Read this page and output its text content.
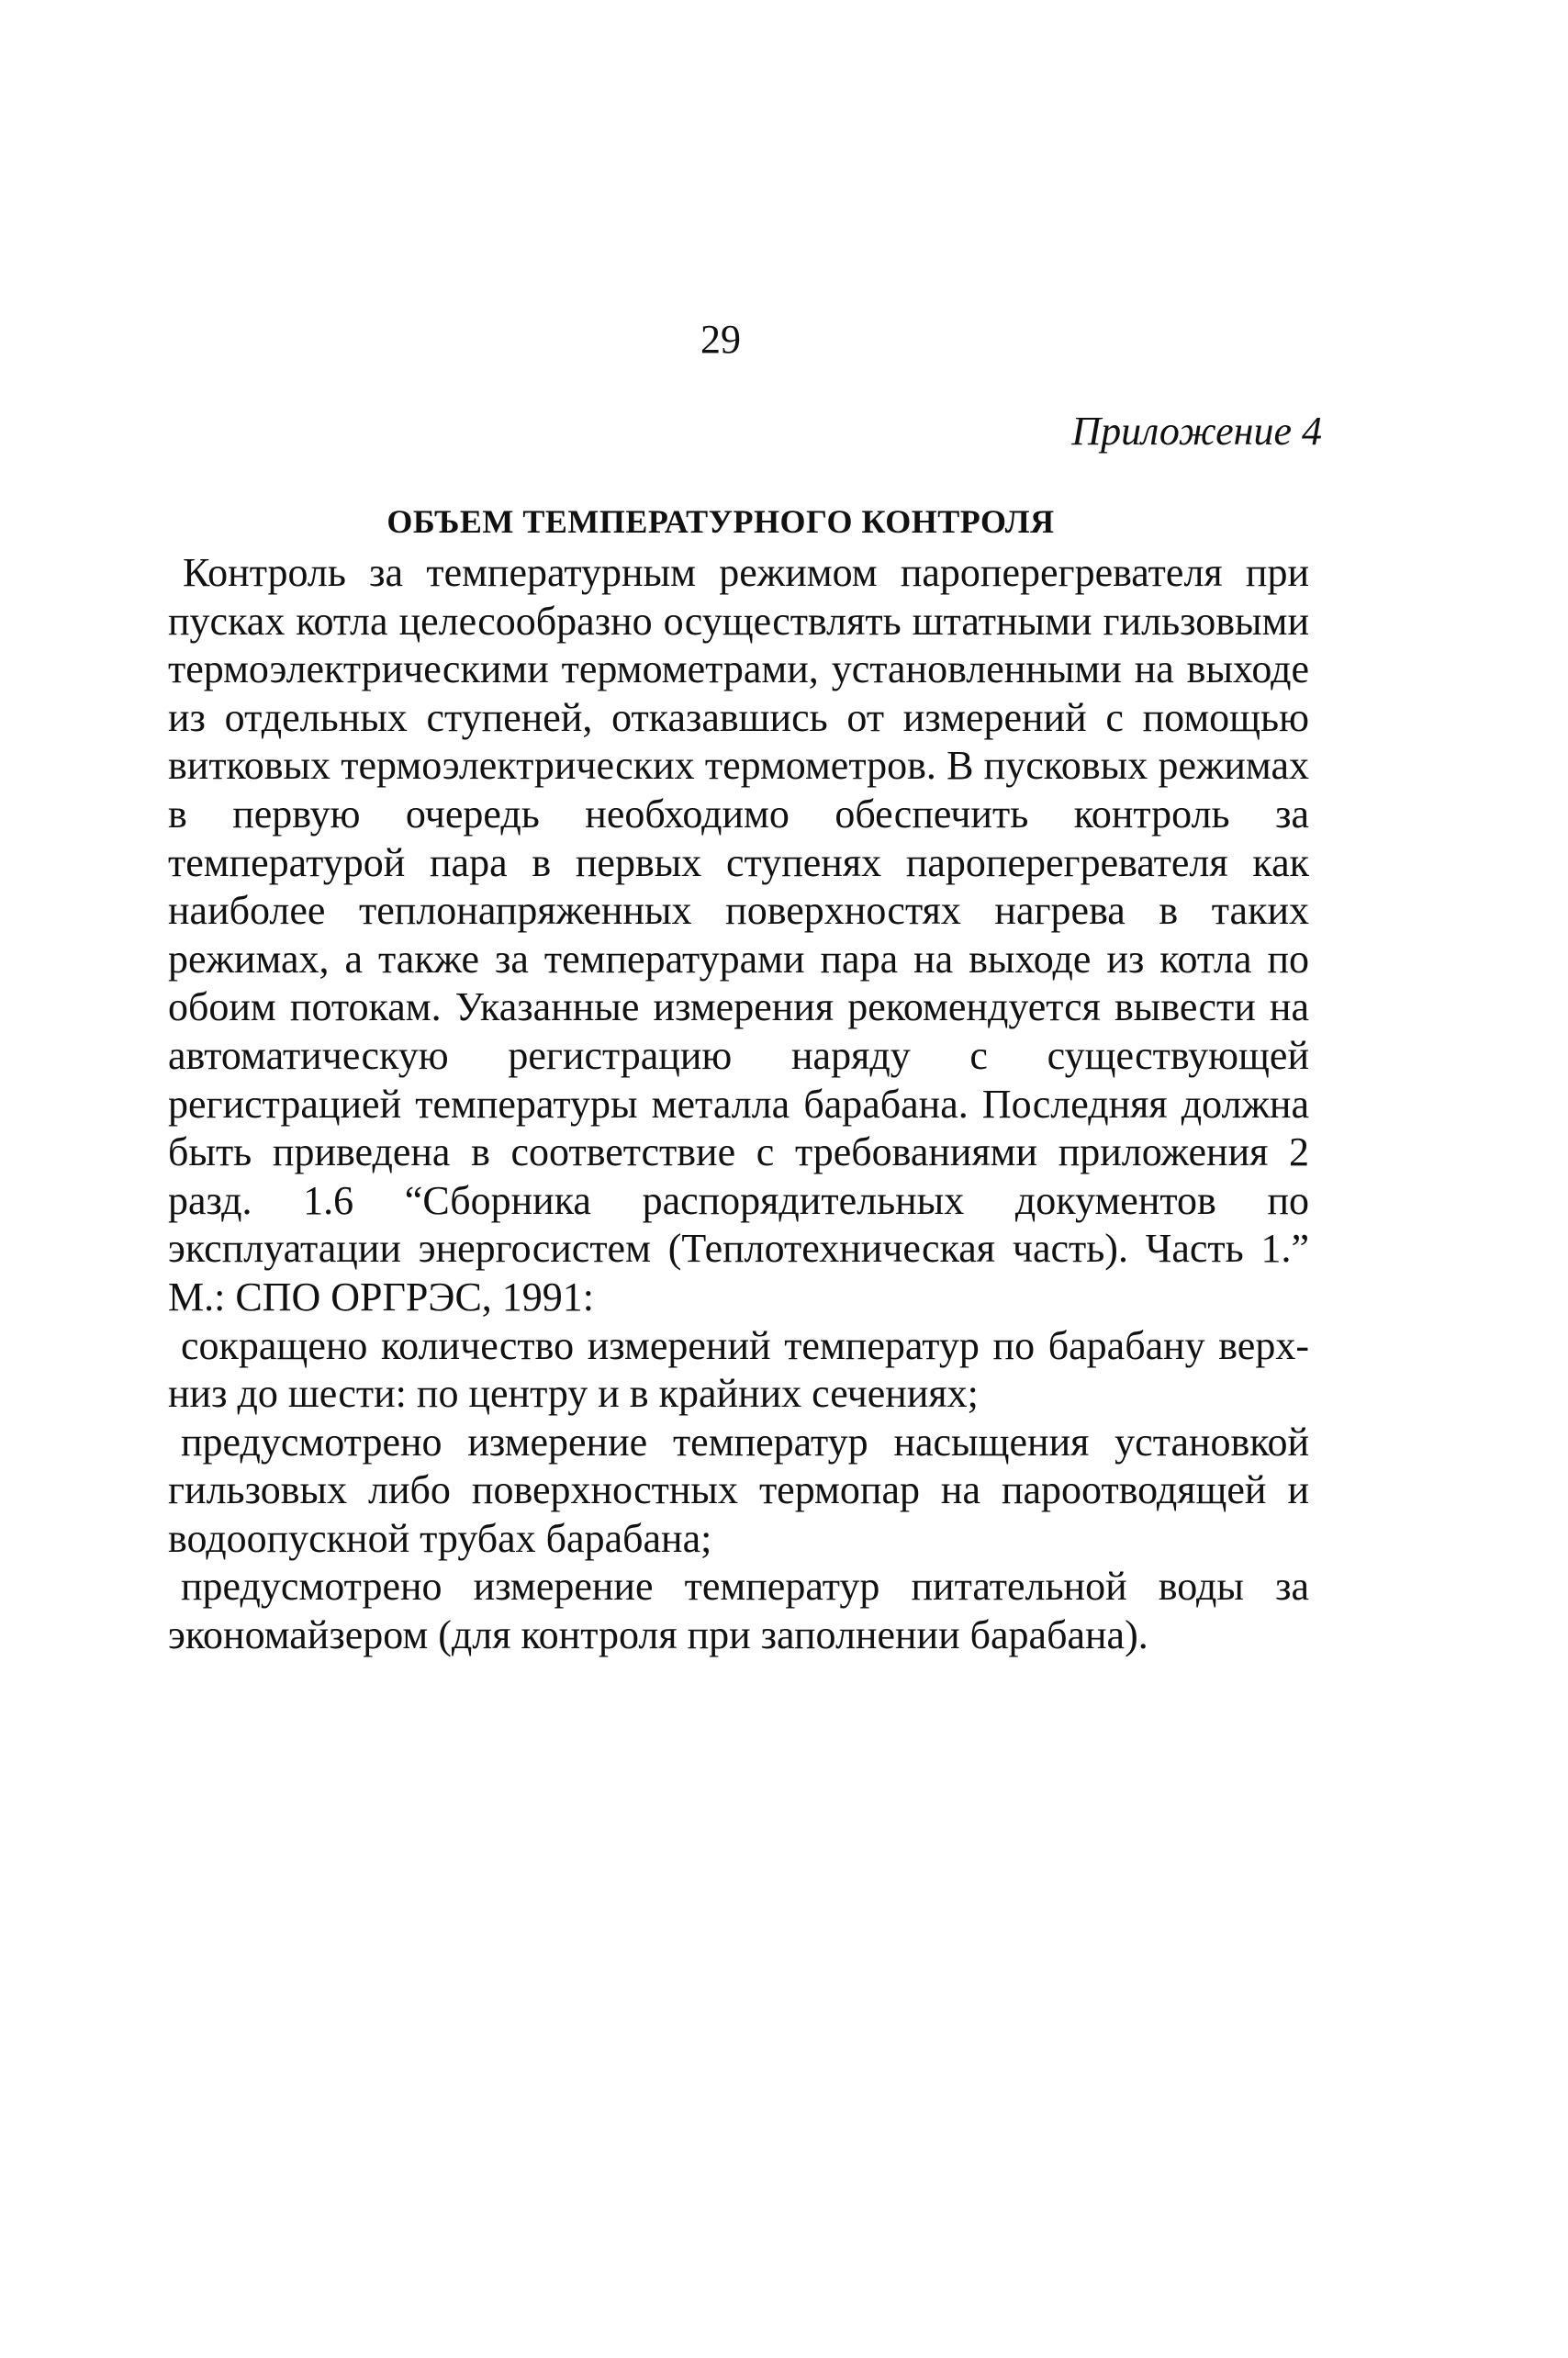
29
Приложение 4
ОБЪЕМ ТЕМПЕРАТУРНОГО КОНТРОЛЯ

Контроль за температурным режимом пароперегревателя при пусках котла целесообразно осуществлять штатными гильзовыми термоэлектрическими термометрами, установленными на выходе из отдельных ступеней, отказавшись от измерений с помощью витковых термоэлектрических термометров. В пусковых режимах в первую очередь необходимо обеспечить контроль за температурой пара в первых ступенях пароперегревателя как наиболее теплонапряженных поверхностях нагрева в таких режимах, а также за температурами пара на выходе из котла по обоим потокам. Указанные измерения рекомендуется вывести на автоматическую регистрацию наряду с существующей регистрацией температуры металла барабана. Последняя должна быть приведена в соответствие с требованиями приложения 2 разд. 1.6 “Сборника распорядительных документов по эксплуатации энергосистем (Теплотехническая часть). Часть 1.” М.: СПО ОРГРЭС, 1991:

сокращено количество измерений температур по барабану верх-низ до шести: по центру и в крайних сечениях;

предусмотрено измерение температур насыщения установкой гильзовых либо поверхностных термопар на пароотводящей и водоопускной трубах барабана;

предусмотрено измерение температур питательной воды за экономайзером (для контроля при заполнении барабана).
